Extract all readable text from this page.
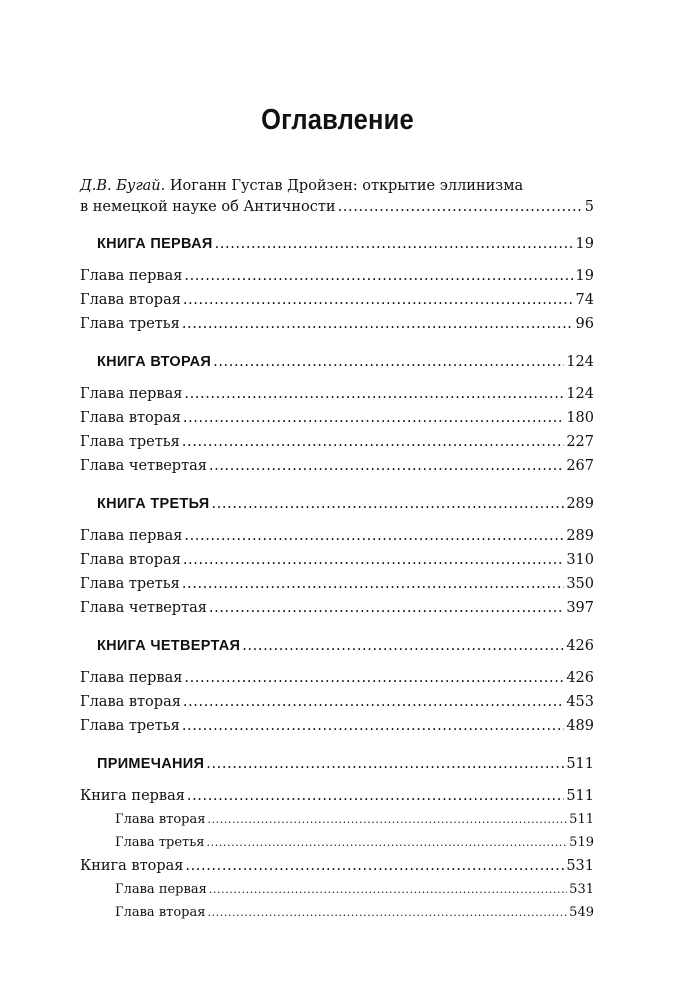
Оглавление
Д.В. Бугай. Иоганн Густав Дройзен: открытие эллинизма
в немецкой науке об Античности .....	5
КНИГА ПЕРВАЯ .....	19
Глава первая .....	19
Глава вторая .....	74
Глава третья .....	96
КНИГА ВТОРАЯ .....	124
Глава первая .....	124
Глава вторая .....	180
Глава третья .....	227
Глава четвертая .....	267
КНИГА ТРЕТЬЯ .....	289
Глава первая .....	289
Глава вторая .....	310
Глава третья .....	350
Глава четвертая .....	397
КНИГА ЧЕТВЕРТАЯ .....	426
Глава первая .....	426
Глава вторая .....	453
Глава третья .....	489
ПРИМЕЧАНИЯ .....	511
Книга первая .....	511
Глава вторая .....	511
Глава третья .....	519
Книга вторая .....	531
Глава первая .....	531
Глава вторая .....	549
